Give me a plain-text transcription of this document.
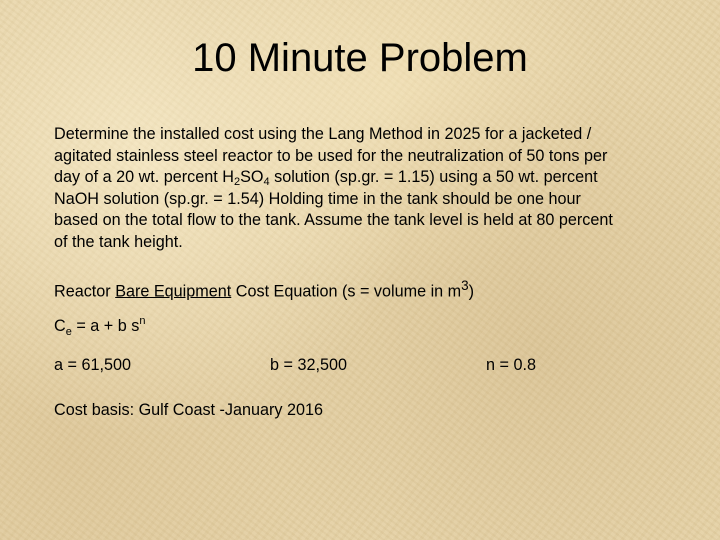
10 Minute Problem
Determine the installed cost using the Lang Method in 2025 for a jacketed /
agitated stainless steel reactor to be used for the neutralization of 50 tons per
day of a 20 wt. percent $H_2SO_4$ solution (sp.gr. = 1.15) using a 50 wt. percent
NaOH solution (sp.gr. = 1.54) Holding time in the tank should be one hour
based on the total flow to the tank. Assume the tank level is held at 80 percent
of the tank height.
Reactor Bare Equipment Cost Equation (s = volume in $m^3$)
$C_e = a + b$ $s^n$
a = 61,500	b = 32,500	n = 0.8
Cost basis: Gulf Coast -January 2016
